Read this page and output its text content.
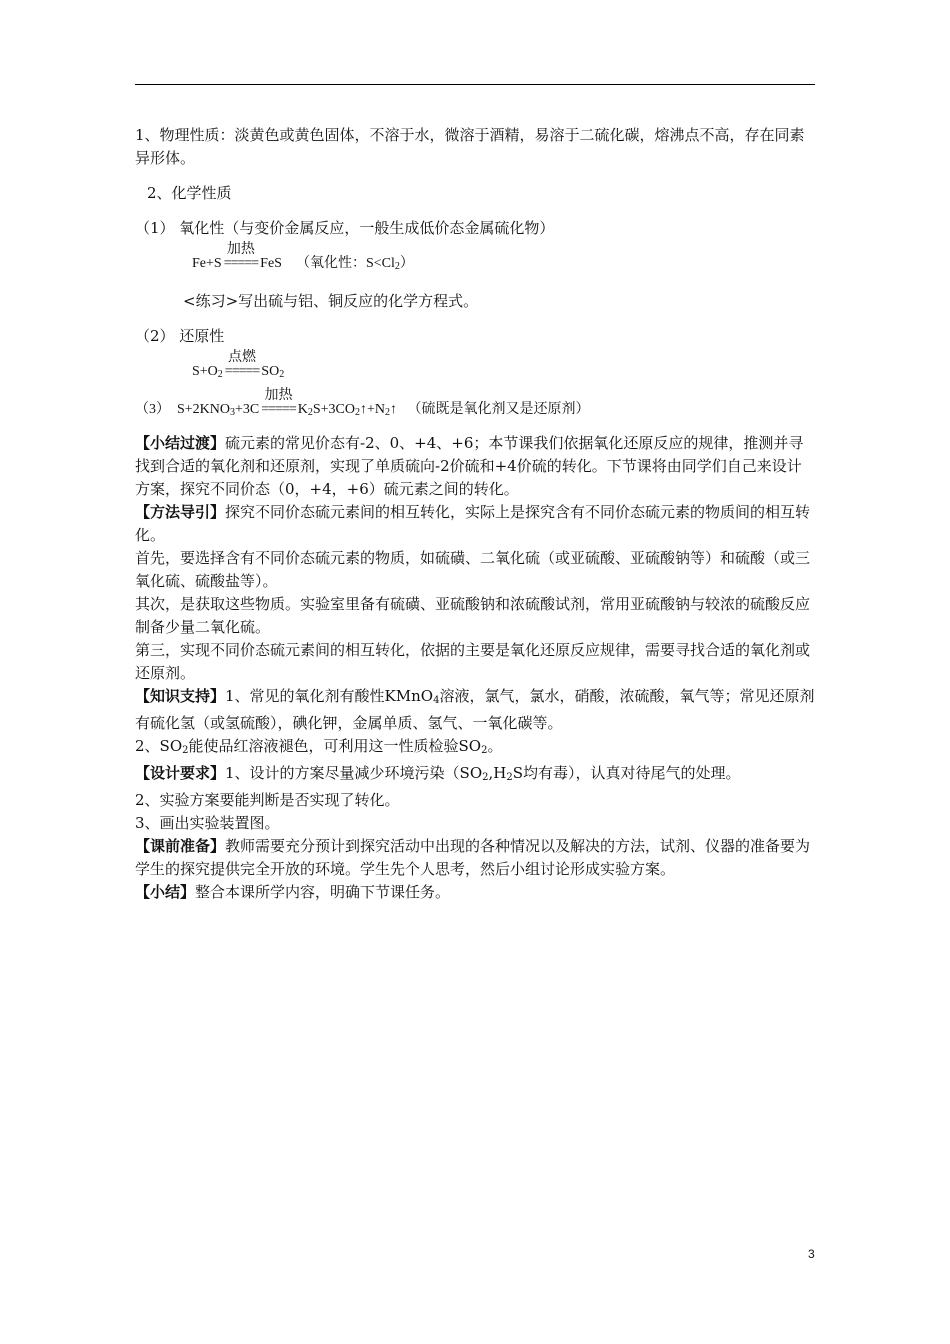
1、物理性质：淡黄色或黄色固体，不溶于水，微溶于酒精，易溶于二硫化碳，熔沸点不高，存在同素异形体。

2、化学性质

（1） 氧化性（与变价金属反应，一般生成低价态金属硫化物）

Fe+S
加热
===== FeS （氧化性：$S<Cl_2$）

<练习>写出硫与铝、铜反应的化学方程式。

（2） 还原性

$S+O_2$
点燃
===== $SO_2$

（3） $S+2KNO_3+3C$
加热
===== $K_2S+3CO_2↑+N_2↑$ （硫既是氧化剂又是还原剂）

【小结过渡】硫元素的常见价态有-2、0、+4、+6；本节课我们依据氧化还原反应的规律，推测并寻找到合适的氧化剂和还原剂，实现了单质硫向-2价硫和+4价硫的转化。下节课将由同学们自己来设计方案，探究不同价态（0，+4，+6）硫元素之间的转化。

【方法导引】探究不同价态硫元素间的相互转化，实际上是探究含有不同价态硫元素的物质间的相互转化。

首先，要选择含有不同价态硫元素的物质，如硫磺、二氧化硫（或亚硫酸、亚硫酸钠等）和硫酸（或三氧化硫、硫酸盐等）。

其次，是获取这些物质。实验室里备有硫磺、亚硫酸钠和浓硫酸试剂，常用亚硫酸钠与较浓的硫酸反应制备少量二氧化硫。

第三，实现不同价态硫元素间的相互转化，依据的主要是氧化还原反应规律，需要寻找合适的氧化剂或还原剂。

【知识支持】1、常见的氧化剂有酸性KMnO$_4$溶液，氯气，氯水，硝酸，浓硫酸，氧气等；常见还原剂有硫化氢（或氢硫酸），碘化钾，金属单质、氢气、一氧化碳等。

2、$SO_2$能使品红溶液褪色，可利用这一性质检验$SO_2$。

【设计要求】1、设计的方案尽量减少环境污染（$SO_2,H_2S$均有毒），认真对待尾气的处理。

2、实验方案要能判断是否实现了转化。

3、画出实验装置图。

【课前准备】教师需要充分预计到探究活动中出现的各种情况以及解决的方法，试剂、仪器的准备要为学生的探究提供完全开放的环境。学生先个人思考，然后小组讨论形成实验方案。

【小结】整合本课所学内容，明确下节课任务。

3
